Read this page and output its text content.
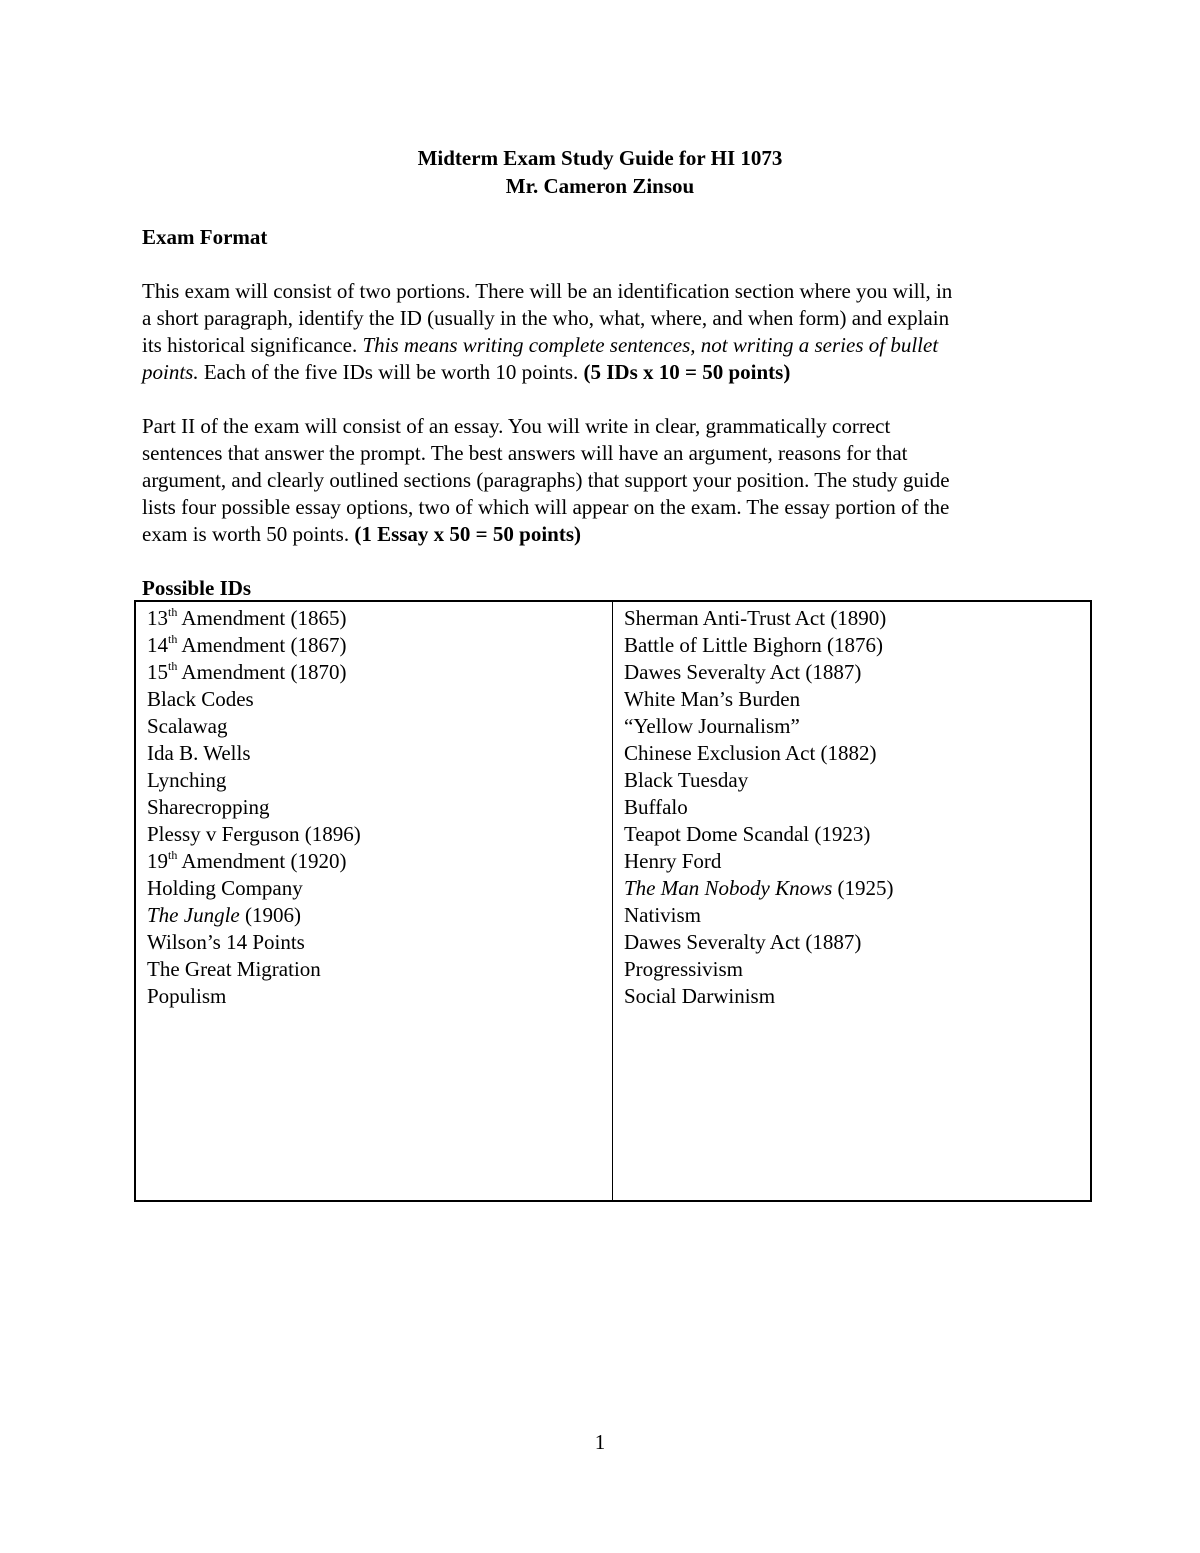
Midterm Exam Study Guide for HI 1073
Mr. Cameron Zinsou
Exam Format
This exam will consist of two portions. There will be an identification section where you will, in
a short paragraph, identify the ID (usually in the who, what, where, and when form) and explain
its historical significance. This means writing complete sentences, not writing a series of bullet
points. Each of the five IDs will be worth 10 points. (5 IDs x 10 = 50 points)
Part II of the exam will consist of an essay. You will write in clear, grammatically correct
sentences that answer the prompt. The best answers will have an argument, reasons for that
argument, and clearly outlined sections (paragraphs) that support your position. The study guide
lists four possible essay options, two of which will appear on the exam. The essay portion of the
exam is worth 50 points. (1 Essay x 50 = 50 points)
Possible IDs
13th Amendment (1865)
14th Amendment (1867)
15th Amendment (1870)
Black Codes
Scalawag
Ida B. Wells
Lynching
Sharecropping
Plessy v Ferguson (1896)
19th Amendment (1920)
Holding Company
The Jungle (1906)
Wilson’s 14 Points
The Great Migration
Populism
Sherman Anti-Trust Act (1890)
Battle of Little Bighorn (1876)
Dawes Severalty Act (1887)
White Man’s Burden
“Yellow Journalism”
Chinese Exclusion Act (1882)
Black Tuesday
Buffalo
Teapot Dome Scandal (1923)
Henry Ford
The Man Nobody Knows (1925)
Nativism
Dawes Severalty Act (1887)
Progressivism
Social Darwinism
1
